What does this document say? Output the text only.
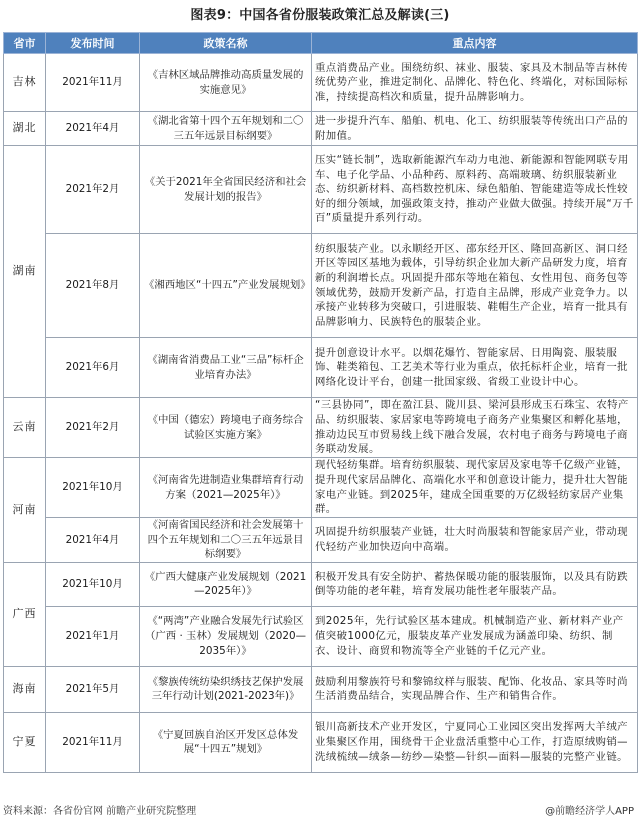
图表9：中国各省份服装政策汇总及解读(三)
省市	发布时间	政策名称	重点内容
吉林	2021年11月	《吉林区域品牌推动高质量发展的实施意见》	重点消费品产业。围绕纺织、袜业、服装、家具及木制品等吉林传统优势产业，推进定制化、品牌化、特色化、终端化，对标国际标准，持续提高档次和质量，提升品牌影响力。
湖北	2021年4月	《湖北省第十四个五年规划和二〇三五年远景目标纲要》	进一步提升汽车、船舶、机电、化工、纺织服装等传统出口产品的附加值。
湖南	2021年2月	《关于2021年全省国民经济和社会发展计划的报告》	压实“链长制”，选取新能源汽车动力电池、新能源和智能网联专用车、电子化学品、小品种药、原料药、高端玻璃、纺织服装新业态、纺织新材料、高档数控机床、绿色船舶、智能建造等成长性较好的细分领域，加强政策支持，推动产业做大做强。持续开展“万千百”质量提升系列行动。
	2021年8月	《湘西地区“十四五”产业发展规划》	纺织服装产业。以永顺经开区、邵东经开区、隆回高新区、洞口经开区等园区基地为载体，引导纺织企业加大新产品研发力度，培育新的利润增长点。巩固提升邵东等地在箱包、女性用包、商务包等领域优势，鼓励开发新产品，打造自主品牌，形成产业竞争力。以承接产业转移为突破口，引进服装、鞋帽生产企业，培育一批具有品牌影响力、民族特色的服装企业。
	2021年6月	《湖南省消费品工业“三品”标杆企业培育办法》	提升创意设计水平。以烟花爆竹、智能家居、日用陶瓷、服装服饰、鞋类箱包、工艺美术等行业为重点，依托标杆企业，培育一批网络化设计平台，创建一批国家级、省级工业设计中心。
云南	2021年2月	《中国（德宏）跨境电子商务综合试验区实施方案》	“三县协同”，即在盈江县、陇川县、梁河县形成玉石珠宝、农特产品、纺织服装、家居家电等跨境电子商务产业集聚区和孵化基地，推动边民互市贸易线上线下融合发展，农村电子商务与跨境电子商务联动发展。
河南	2021年10月	《河南省先进制造业集群培育行动方案（2021—2025年）》	现代轻纺集群。培育纺织服装、现代家居及家电等千亿级产业链，提升现代家居品牌化、高端化水平和创意设计能力，提升壮大智能家电产业链。到2025年，建成全国重要的万亿级轻纺家居产业集群。
	2021年4月	《河南省国民经济和社会发展第十四个五年规划和二〇三五年远景目标纲要》	巩固提升纺织服装产业链，壮大时尚服装和智能家居产业，带动现代轻纺产业加快迈向中高端。
广西	2021年10月	《广西大健康产业发展规划（2021—2025年）》	积极开发具有安全防护、蓄热保暖功能的服装服饰，以及具有防跌倒等功能的老年鞋，培育发展功能性老年服装产品。
	2021年1月	《“两湾”产业融合发展先行试验区（广西 · 玉林）发展规划（2020—2035年）》	到2025年，先行试验区基本建成。机械制造产业、新材料产业产值突破1000亿元，服装皮革产业发展成为涵盖印染、纺织、制衣、设计、商贸和物流等全产业链的千亿元产业。
海南	2021年5月	《黎族传统纺染织绣技艺保护发展三年行动计划(2021-2023年)》	鼓励利用黎族符号和黎锦纹样与服装、配饰、化妆品、家具等时尚生活消费品结合，实现品牌合作、生产和销售合作。
宁夏	2021年11月	《宁夏回族自治区开发区总体发展“十四五”规划》	银川高新技术产业开发区，宁夏同心工业园区突出发挥两大羊绒产业集聚区作用，围绕骨干企业盘活重整中心工作，打造原绒购销—洗绒梳绒—绒条—纺纱—染整—针织—面料—服装的完整产业链。
资料来源：各省份官网 前瞻产业研究院整理	@前瞻经济学人APP
